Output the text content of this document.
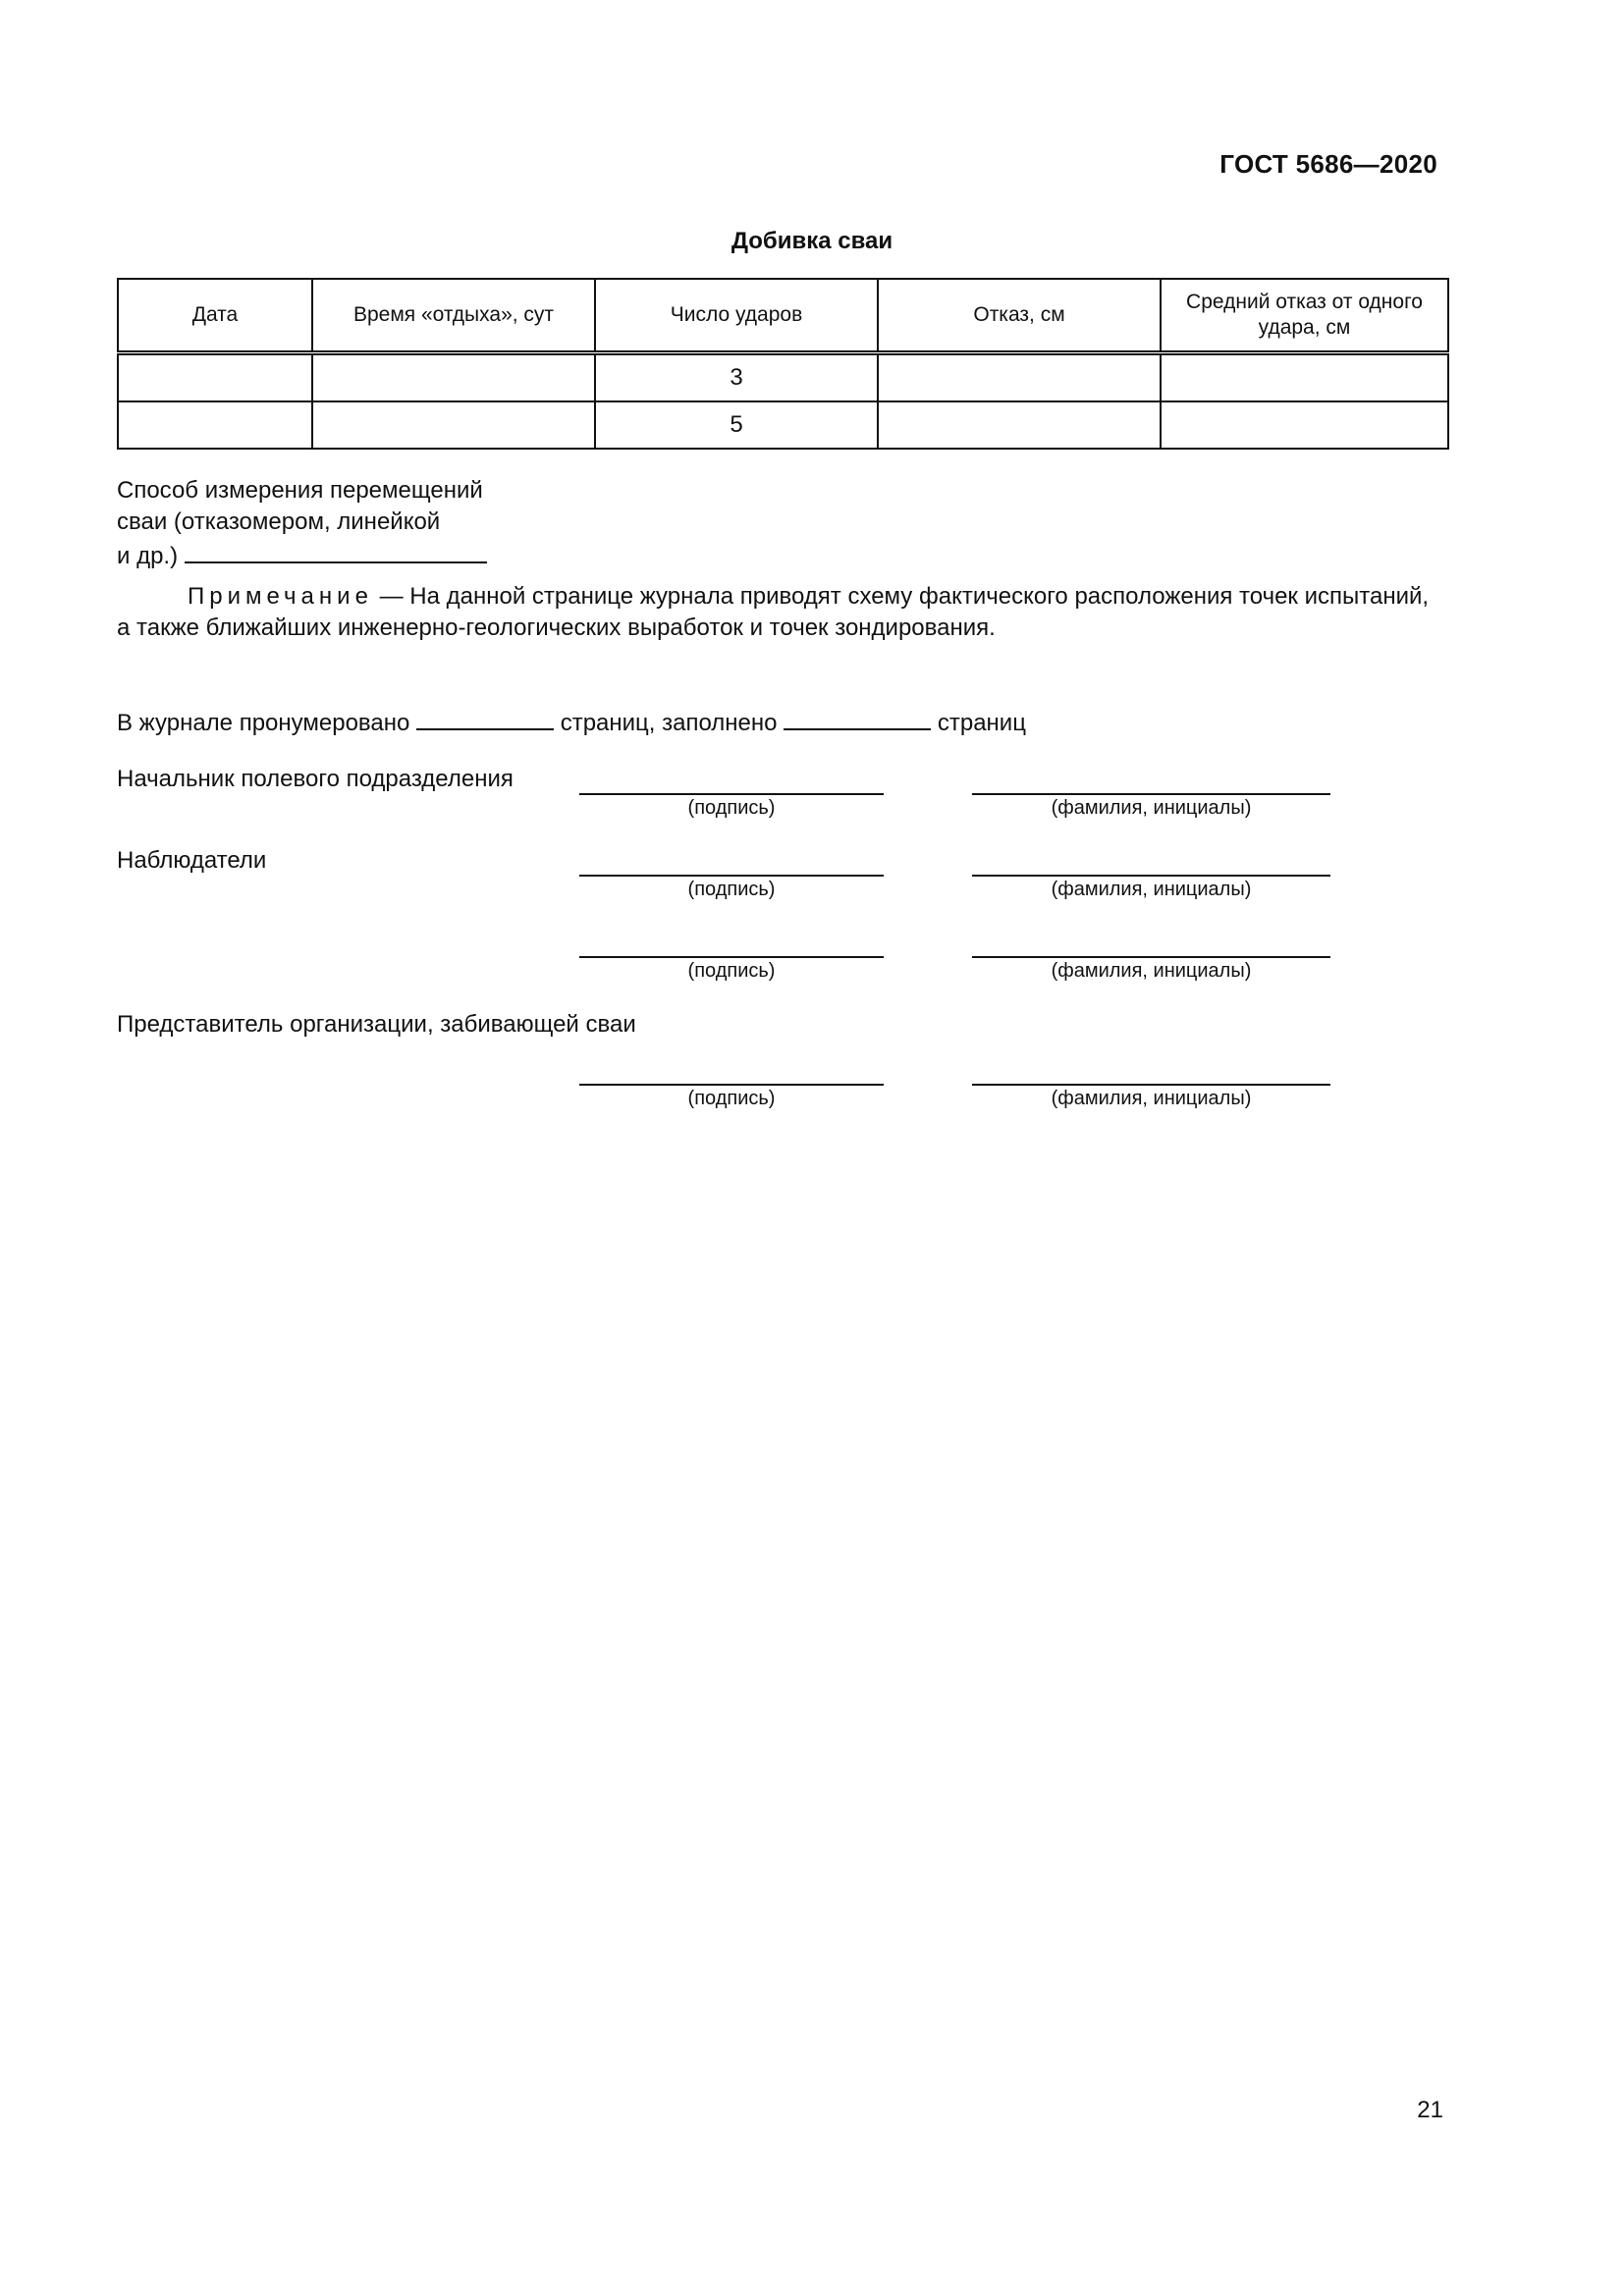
ГОСТ 5686—2020
Добивка сваи
Дата	Время «отдыха», сут	Число ударов	Отказ, см	Средний отказ от одного удара, см
		3		
		5		
Способ измерения перемещений
сваи (отказомером, линейкой
и др.)
Примечание — На данной странице журнала приводят схему фактического расположения точек испытаний, а также ближайших инженерно-геологических выработок и точек зондирования.
В журнале пронумеровано	страниц, заполнено	страниц
Начальник полевого подразделения
(подпись)	(фамилия, инициалы)
Наблюдатели
(подпись)	(фамилия, инициалы)
(подпись)	(фамилия, инициалы)
Представитель организации, забивающей сваи
(подпись)	(фамилия, инициалы)
21
